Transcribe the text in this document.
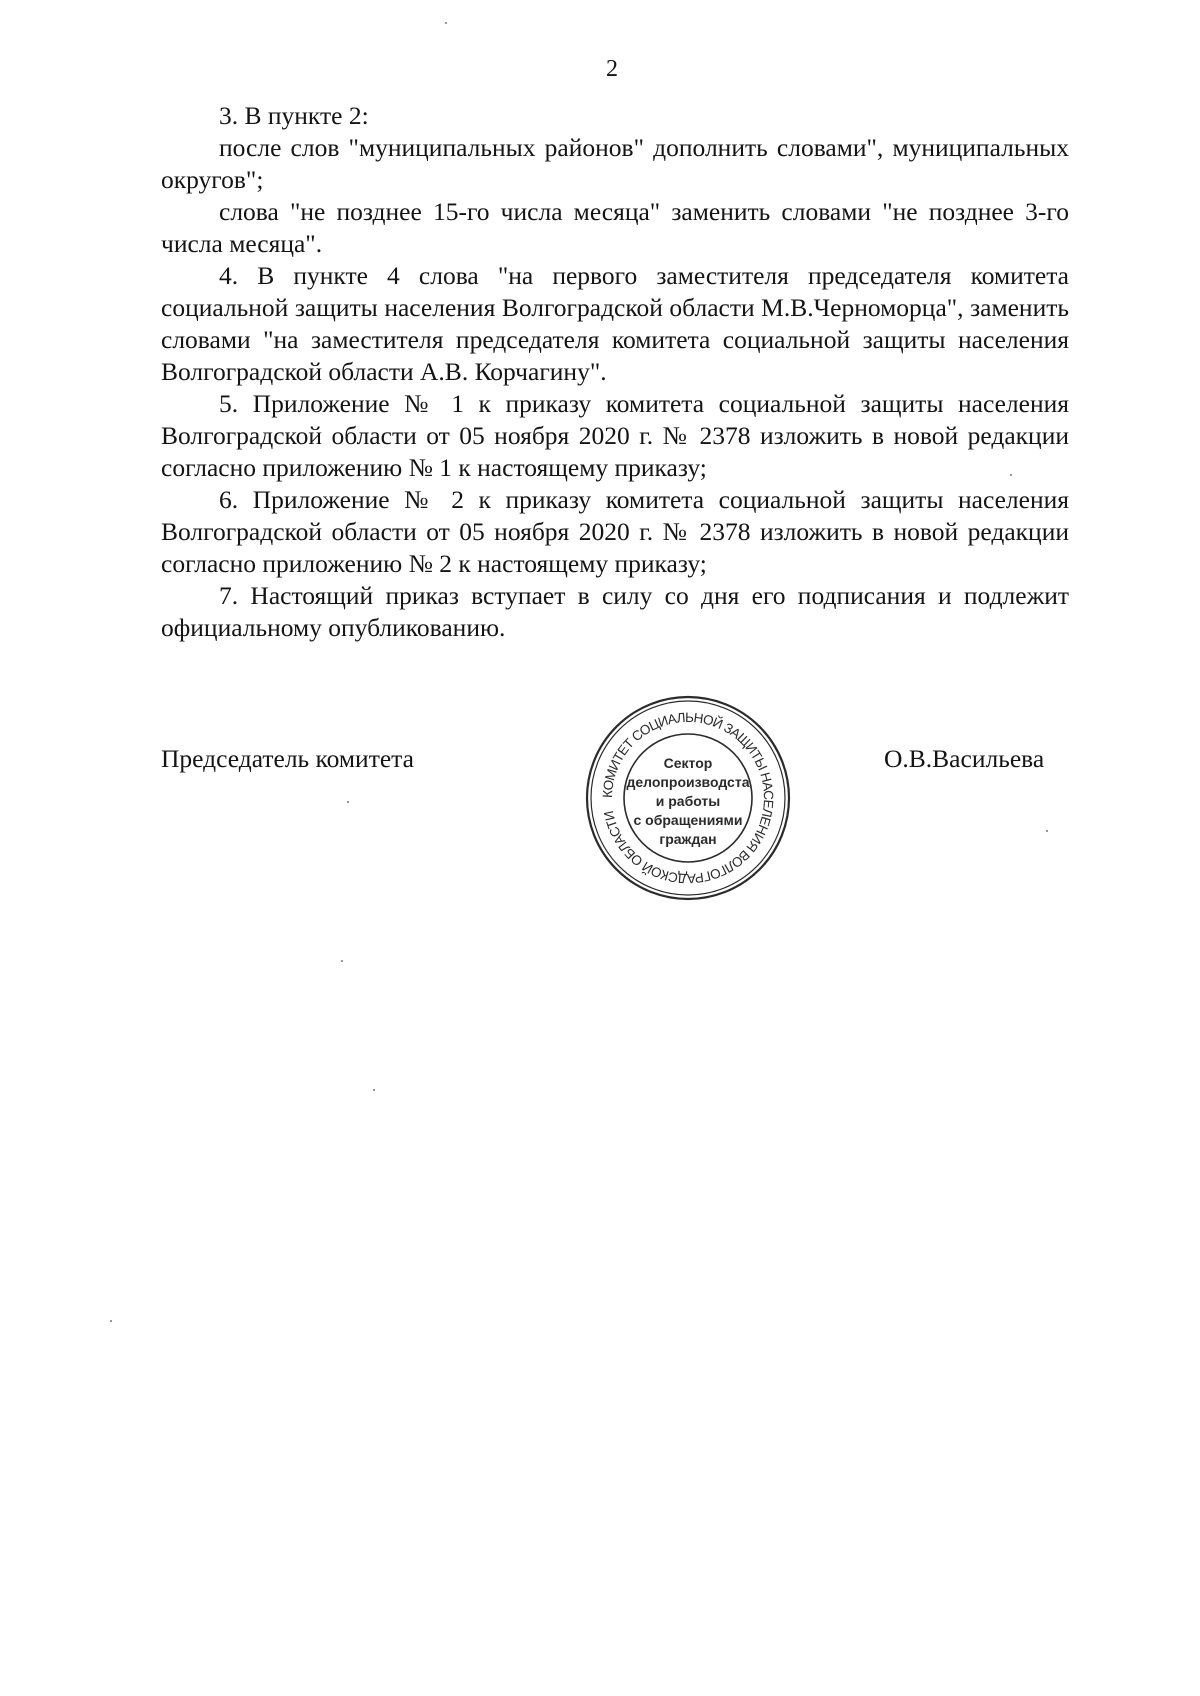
2

3. В пункте 2:

после слов "муниципальных районов" дополнить словами", муниципальных округов";

слова "не позднее 15-го числа месяца" заменить словами "не позднее 3-го числа месяца".

4. В пункте 4 слова "на первого заместителя председателя комитета социальной защиты населения Волгоградской области М.В.Черноморца", заменить словами "на заместителя председателя комитета социальной защиты населения Волгоградской области А.В. Корчагину".

5. Приложение № 1 к приказу комитета социальной защиты населения Волгоградской области от 05 ноября 2020 г. № 2378 изложить в новой редакции согласно приложению № 1 к настоящему приказу;

6. Приложение № 2 к приказу комитета социальной защиты населения Волгоградской области от 05 ноября 2020 г. № 2378 изложить в новой редакции согласно приложению № 2 к настоящему приказу;

7. Настоящий приказ вступает в силу со дня его подписания и подлежит официальному опубликованию.

Председатель комитета
КОМИТЕТ СОЦИАЛЬНОЙ ЗАЩИТЫ НАСЕЛЕНИЯ ВОЛГОГРАДСКОЙ ОБЛАСТИ
Сектор
делопроизводста
и работы
с обращениями
граждан
О.В.Васильева
